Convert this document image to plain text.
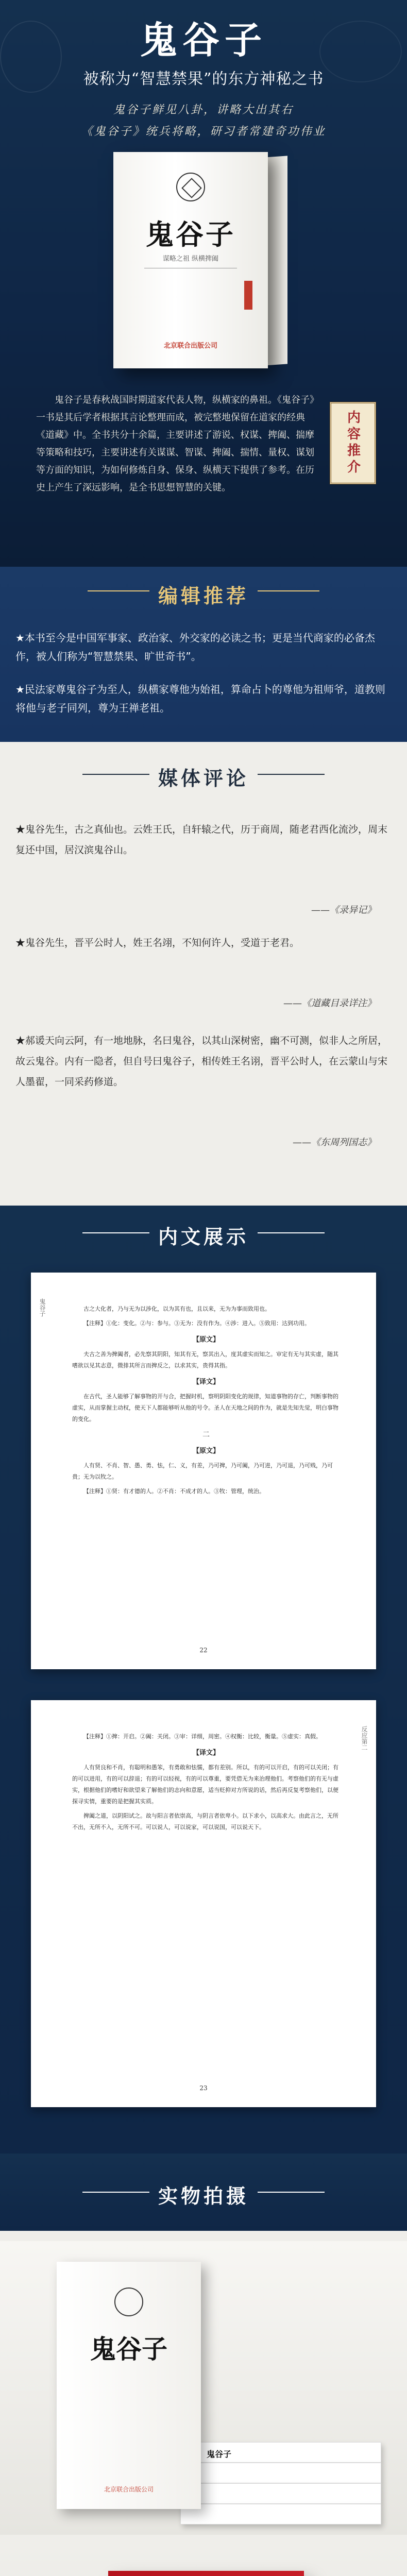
鬼谷子
被称为“智慧禁果”的东方神秘之书
鬼谷子鲜见八卦，讲略大出其右
《鬼谷子》统兵将略，研习者常建奇功伟业
鬼谷子
谋略之祖 纵横捭阖
北京联合出版公司
鬼谷子是春秋战国时期道家代表人物，纵横家的鼻祖。《鬼谷子》一书是其后学者根据其言论整理而成，被完整地保留在道家的经典《道藏》中。全书共分十余篇，主要讲述了游说、权谋、捭阖、揣摩等策略和技巧，主要讲述有关谋谋、智谋、捭阖、揣情、量权、谋划等方面的知识，为如何修炼自身、保身、纵横天下提供了参考。在历史上产生了深远影响，是全书思想智慧的关键。
内容推介
编辑推荐
★本书至今是中国军事家、政治家、外交家的必读之书；更是当代商家的必备杰作，被人们称为“智慧禁果、旷世奇书”。
★民法家尊鬼谷子为至人，纵横家尊他为始祖，算命占卜的尊他为祖师爷，道教则将他与老子同列，尊为王禅老祖。
媒体评论
★鬼谷先生，古之真仙也。云姓王氏，自轩辕之代，历于商周，随老君西化流沙，周末复还中国，居汉滨鬼谷山。
——《录异记》
★鬼谷先生，晋平公时人，姓王名翊，不知何许人，受道于老君。
——《道藏目录详注》
★郝谖天向云阿，有一地地脉，名曰鬼谷，以其山深树密，幽不可测，似非人之所居，故云鬼谷。内有一隐者，但自号曰鬼谷子，相传姓王名诩，晋平公时人，在云蒙山与宋人墨翟，一同采药修道。
——《东周列国志》
内文展示
鬼谷子	古之大化者，乃与无为以涉化，以为其有也，且以来，无为为事而致用也。

【注释】①化：变化。②与：参与。③无为：没有作为。④涉：进入。⑤致用：达到功用。

【原文】

夫古之善为捭阖者，必先察其阴阳，知其有无，察其出入，度其虚实而知之。审定有无与其实虚，随其嗜欲以见其志意，微排其所言而捭反之，以求其实，贵得其指。

【译文】

在古代，圣人能够了解事物的开与合，把握时机，察明阴阳变化的规律，知道事物的存亡，判断事物的虚实，从而掌握主动权，使天下人都能够听从他的号令。圣人在天地之间的作为，就是先知先觉，明白事物的变化。

二

【原文】

人有贤、不肖、智、愚、勇、怯，仁、义，有差，乃可捭，乃可阖，乃可进，乃可退，乃可贱，乃可贵；无为以牧之。

【注释】①贤：有才德的人。②不肖：不成才的人。③牧：管理，统治。

22
反应第二

【注释】①捭：开启。②阖：关闭。③审：详细，周密。④权衡：比较，衡量。⑤虚实：真假。

【译文】

人有贤良和不肖，有聪明和愚笨，有勇敢和怯懦，都有差别。所以，有的可以开启，有的可以关闭；有的可以进用，有的可以辞退；有的可以轻视，有的可以尊重，要凭借无为来治理他们。考察他们的有无与虚实，根据他们的嗜好和欲望来了解他们的志向和意愿，适当贬抑对方所说的话，然后再反复考察他们，以便探寻实情，重要的是把握其实质。

捭阖之道，以阴阳试之。故与阳言者依崇高，与阴言者依卑小。以下求小，以高求大。由此言之，无所不出，无所不入，无所不可。可以说人，可以说家，可以说国，可以说天下。

23
实物拍摄
鬼谷子
鬼谷子
北京联合出版公司
